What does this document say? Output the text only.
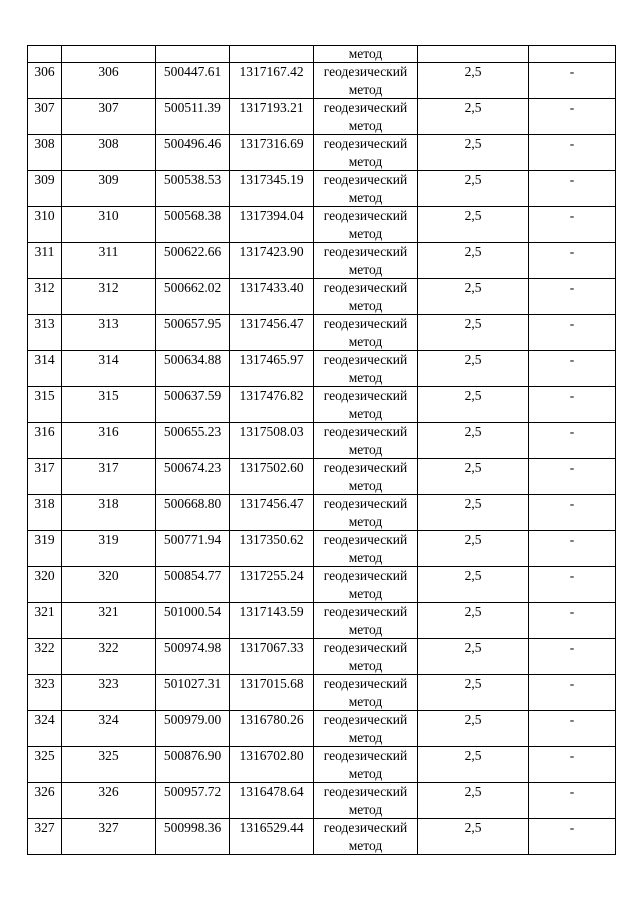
				метод		
306	306	500447.61	1317167.42	геодезический
метод	2,5	-
307	307	500511.39	1317193.21	геодезический
метод	2,5	-
308	308	500496.46	1317316.69	геодезический
метод	2,5	-
309	309	500538.53	1317345.19	геодезический
метод	2,5	-
310	310	500568.38	1317394.04	геодезический
метод	2,5	-
311	311	500622.66	1317423.90	геодезический
метод	2,5	-
312	312	500662.02	1317433.40	геодезический
метод	2,5	-
313	313	500657.95	1317456.47	геодезический
метод	2,5	-
314	314	500634.88	1317465.97	геодезический
метод	2,5	-
315	315	500637.59	1317476.82	геодезический
метод	2,5	-
316	316	500655.23	1317508.03	геодезический
метод	2,5	-
317	317	500674.23	1317502.60	геодезический
метод	2,5	-
318	318	500668.80	1317456.47	геодезический
метод	2,5	-
319	319	500771.94	1317350.62	геодезический
метод	2,5	-
320	320	500854.77	1317255.24	геодезический
метод	2,5	-
321	321	501000.54	1317143.59	геодезический
метод	2,5	-
322	322	500974.98	1317067.33	геодезический
метод	2,5	-
323	323	501027.31	1317015.68	геодезический
метод	2,5	-
324	324	500979.00	1316780.26	геодезический
метод	2,5	-
325	325	500876.90	1316702.80	геодезический
метод	2,5	-
326	326	500957.72	1316478.64	геодезический
метод	2,5	-
327	327	500998.36	1316529.44	геодезический
метод	2,5	-
